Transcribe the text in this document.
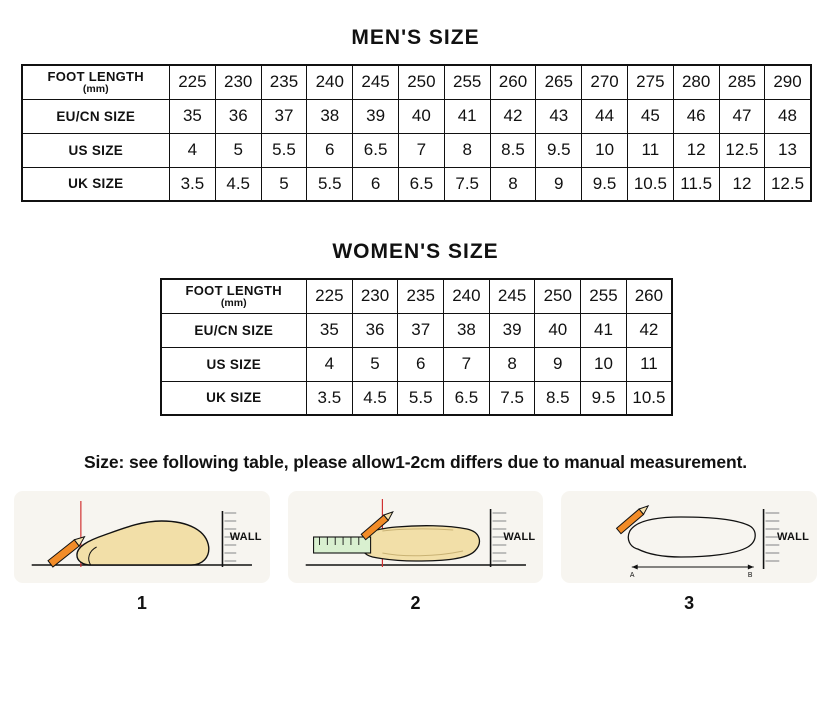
MEN'S SIZE
FOOT LENGTH
(mm)	225	230	235	240	245	250	255	260	265	270	275	280	285	290
EU/CN SIZE	35	36	37	38	39	40	41	42	43	44	45	46	47	48
US SIZE	4	5	5.5	6	6.5	7	8	8.5	9.5	10	11	12	12.5	13
UK SIZE	3.5	4.5	5	5.5	6	6.5	7.5	8	9	9.5	10.5	11.5	12	12.5
WOMEN'S SIZE
FOOT LENGTH
(mm)	225	230	235	240	245	250	255	260
EU/CN SIZE	35	36	37	38	39	40	41	42
US SIZE	4	5	6	7	8	9	10	11
UK SIZE	3.5	4.5	5.5	6.5	7.5	8.5	9.5	10.5
Size: see following table, please allow1-2cm differs due to manual measurement.
WALL
1
WALL
2
A	B
WALL
3
